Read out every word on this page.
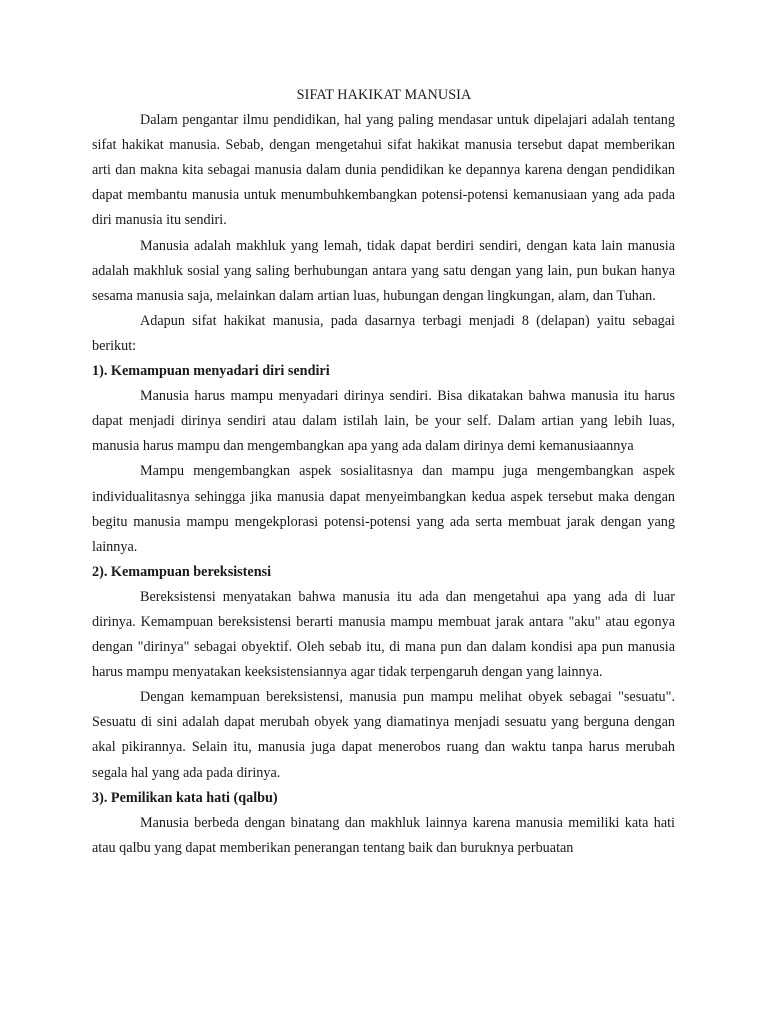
SIFAT HAKIKAT MANUSIA

Dalam pengantar ilmu pendidikan, hal yang paling mendasar untuk dipelajari adalah tentang sifat hakikat manusia. Sebab, dengan mengetahui sifat hakikat manusia tersebut dapat memberikan arti dan makna kita sebagai manusia dalam dunia pendidikan ke depannya karena dengan pendidikan dapat membantu manusia untuk menumbuhkembangkan potensi-potensi kemanusiaan yang ada pada diri manusia itu sendiri.

Manusia adalah makhluk yang lemah, tidak dapat berdiri sendiri, dengan kata lain manusia adalah makhluk sosial yang saling berhubungan antara yang satu dengan yang lain, pun bukan hanya sesama manusia saja, melainkan dalam artian luas, hubungan dengan lingkungan, alam, dan Tuhan.

Adapun sifat hakikat manusia, pada dasarnya terbagi menjadi 8 (delapan) yaitu sebagai berikut:

1). Kemampuan menyadari diri sendiri

Manusia harus mampu menyadari dirinya sendiri. Bisa dikatakan bahwa manusia itu harus dapat menjadi dirinya sendiri atau dalam istilah lain, be your self. Dalam artian yang lebih luas, manusia harus mampu dan mengembangkan apa yang ada dalam dirinya demi kemanusiaannya

Mampu mengembangkan aspek sosialitasnya dan mampu juga mengembangkan aspek individualitasnya sehingga jika manusia dapat menyeimbangkan kedua aspek tersebut maka dengan begitu manusia mampu mengekplorasi potensi-potensi yang ada serta membuat jarak dengan yang lainnya.

2). Kemampuan bereksistensi

Bereksistensi menyatakan bahwa manusia itu ada dan mengetahui apa yang ada di luar dirinya. Kemampuan bereksistensi berarti manusia mampu membuat jarak antara "aku" atau egonya dengan "dirinya" sebagai obyektif. Oleh sebab itu, di mana pun dan dalam kondisi apa pun manusia harus mampu menyatakan keeksistensiannya agar tidak terpengaruh dengan yang lainnya.

Dengan kemampuan bereksistensi, manusia pun mampu melihat obyek sebagai "sesuatu". Sesuatu di sini adalah dapat merubah obyek yang diamatinya menjadi sesuatu yang berguna dengan akal pikirannya. Selain itu, manusia juga dapat menerobos ruang dan waktu tanpa harus merubah segala hal yang ada pada dirinya.

3). Pemilikan kata hati (qalbu)

Manusia berbeda dengan binatang dan makhluk lainnya karena manusia memiliki kata hati atau qalbu yang dapat memberikan penerangan tentang baik dan buruknya perbuatan
